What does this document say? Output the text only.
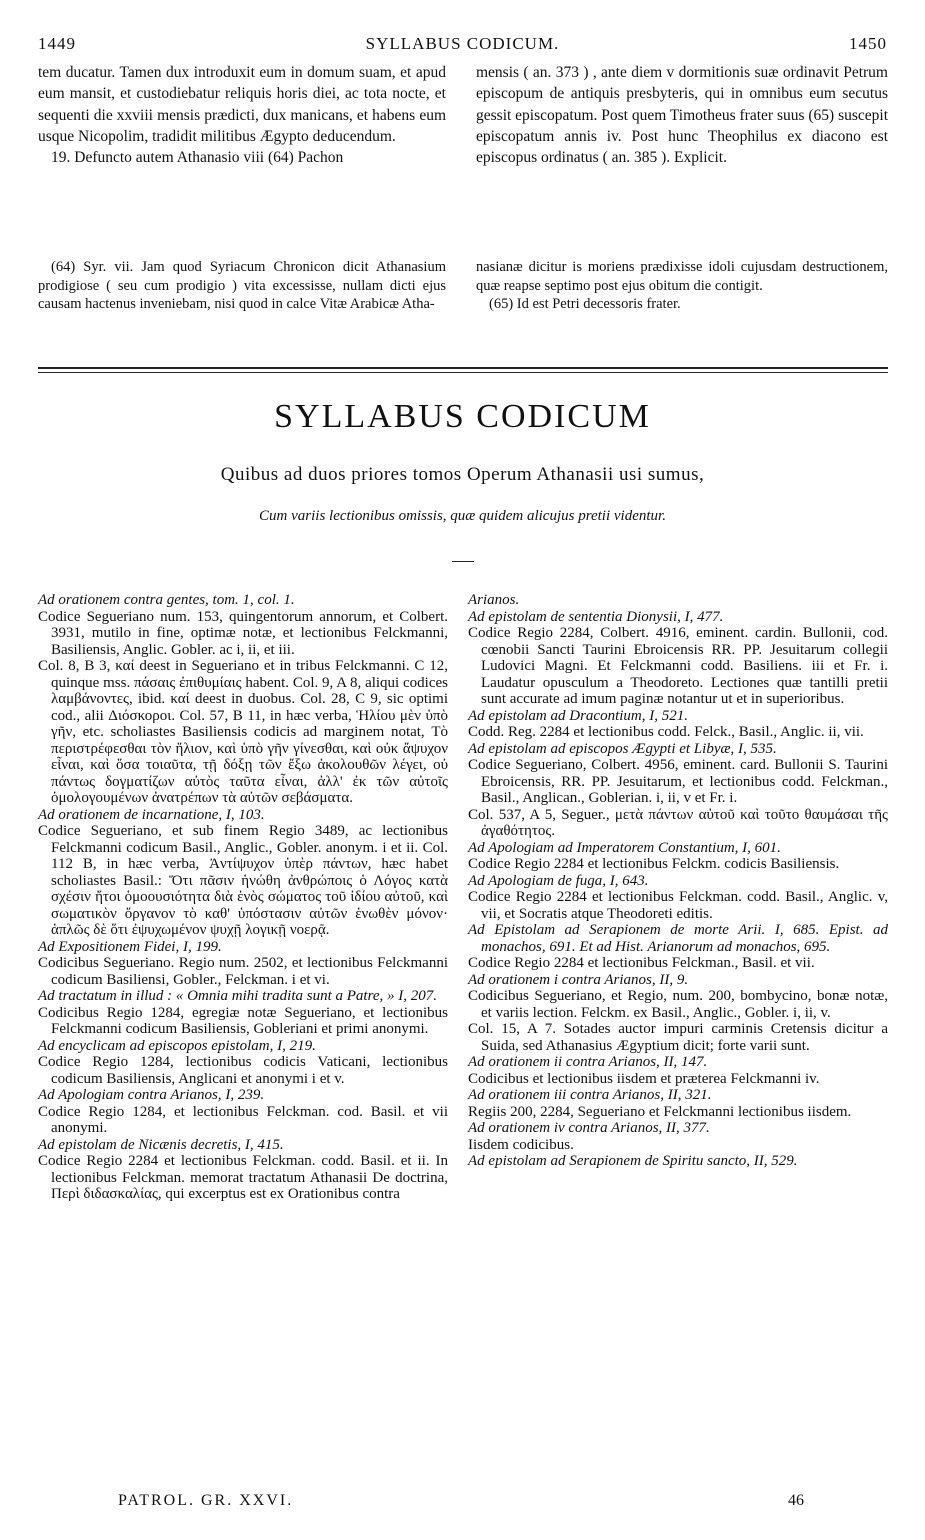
1449	SYLLABUS CODICUM.	1450

tem ducatur. Tamen dux introduxit eum in domum suam, et apud eum mansit, et custodiebatur reliquis horis diei, ac tota nocte, et sequenti die xxviii mensis prædicti, dux manicans, et habens eum usque Nicopolim, tradidit militibus Ægypto deducendum.

19. Defuncto autem Athanasio viii (64) Pachon

mensis ( an. 373 ) , ante diem v dormitionis suæ ordinavit Petrum episcopum de antiquis presbyteris, qui in omnibus eum secutus gessit episcopatum. Post quem Timotheus frater suus (65) suscepit episcopatum annis iv. Post hunc Theophilus ex diacono est episcopus ordinatus ( an. 385 ). Explicit.

(64) Syr. vii. Jam quod Syriacum Chronicon dicit Athanasium prodigiose ( seu cum prodigio ) vita excessisse, nullam dicti ejus causam hactenus inveniebam, nisi quod in calce Vitæ Arabicæ Atha-

nasianæ dicitur is moriens prædixisse idoli cujusdam destructionem, quæ reapse septimo post ejus obitum die contigit.

(65) Id est Petri decessoris frater.

SYLLABUS CODICUM
Quibus ad duos priores tomos Operum Athanasii usi sumus,
Cum variis lectionibus omissis, quæ quidem alicujus pretii videntur.

Ad orationem contra gentes, tom. 1, col. 1.

Codice Segueriano num. 153, quingentorum annorum, et Colbert. 3931, mutilo in fine, optimæ notæ, et lectionibus Felckmanni, Basiliensis, Anglic. Gobler. ac i, ii, et iii.

Col. 8, B 3, καί deest in Segueriano et in tribus Felckmanni. C 12, quinque mss. πάσαις ἐπιθυμίαις habent. Col. 9, A 8, aliqui codices λαμβάνοντες, ibid. καί deest in duobus. Col. 28, C 9, sic optimi cod., alii Διόσκοροι. Col. 57, B 11, in hæc verba, Ἡλίου μὲν ὑπὸ γῆν, etc. scholiastes Basiliensis codicis ad marginem notat, Τὸ περιστρέφεσθαι τὸν ἥλιον, καὶ ὑπὸ γῆν γίνεσθαι, καὶ οὐκ ἄψυχον εἶναι, καὶ ὅσα τοιαῦτα, τῇ δόξῃ τῶν ἔξω ἀκολουθῶν λέγει, οὐ πάντως δογματίζων αὐτὸς ταῦτα εἶναι, ἀλλ' ἐκ τῶν αὐτοῖς ὁμολογουμένων ἀνατρέπων τὰ αὐτῶν σεβάσματα.

Ad orationem de incarnatione, I, 103.

Codice Segueriano, et sub finem Regio 3489, ac lectionibus Felckmanni codicum Basil., Anglic., Gobler. anonym. i et ii. Col. 112 B, in hæc verba, Ἀντίψυχον ὑπὲρ πάντων, hæc habet scholiastes Basil.: Ὅτι πᾶσιν ἡνώθη ἀνθρώποις ὁ Λόγος κατὰ σχέσιν ἤτοι ὁμοουσιότητα διὰ ἑνὸς σώματος τοῦ ἰδίου αὐτοῦ, καὶ σωματικὸν ὄργανον τὸ καθ' ὑπόστασιν αὐτῶν ἑνωθὲν μόνον· ἁπλῶς δὲ ὅτι ἐψυχωμένον ψυχῇ λογικῇ νοερᾷ.

Ad Expositionem Fidei, I, 199.

Codicibus Segueriano. Regio num. 2502, et lectionibus Felckmanni codicum Basiliensi, Gobler., Felckman. i et vi.

Ad tractatum in illud : « Omnia mihi tradita sunt a Patre, » I, 207.

Codicibus Regio 1284, egregiæ notæ Segueriano, et lectionibus Felckmanni codicum Basiliensis, Gobleriani et primi anonymi.

Ad encyclicam ad episcopos epistolam, I, 219.

Codice Regio 1284, lectionibus codicis Vaticani, lectionibus codicum Basiliensis, Anglicani et anonymi i et v.

Ad Apologiam contra Arianos, I, 239.

Codice Regio 1284, et lectionibus Felckman. cod. Basil. et vii anonymi.

Ad epistolam de Nicænis decretis, I, 415.

Codice Regio 2284 et lectionibus Felckman. codd. Basil. et ii. In lectionibus Felckman. memorat tractatum Athanasii De doctrina, Περὶ διδασκαλίας, qui excerptus est ex Orationibus contra

Arianos.

Ad epistolam de sententia Dionysii, I, 477.

Codice Regio 2284, Colbert. 4916, eminent. cardin. Bullonii, cod. cœnobii Sancti Taurini Ebroicensis RR. PP. Jesuitarum collegii Ludovici Magni. Et Felckmanni codd. Basiliens. iii et Fr. i. Laudatur opusculum a Theodoreto. Lectiones quæ tantilli pretii sunt accurate ad imum paginæ notantur ut et in superioribus.

Ad epistolam ad Dracontium, I, 521.

Codd. Reg. 2284 et lectionibus codd. Felck., Basil., Anglic. ii, vii.

Ad epistolam ad episcopos Ægypti et Libyæ, I, 535.

Codice Segueriano, Colbert. 4956, eminent. card. Bullonii S. Taurini Ebroicensis, RR. PP. Jesuitarum, et lectionibus codd. Felckman., Basil., Anglican., Goblerian. i, ii, v et Fr. i.

Col. 537, A 5, Seguer., μετὰ πάντων αὐτοῦ καὶ τοῦτο θαυμάσαι τῆς ἀγαθότητος.

Ad Apologiam ad Imperatorem Constantium, I, 601.

Codice Regio 2284 et lectionibus Felckm. codicis Basiliensis.

Ad Apologiam de fuga, I, 643.

Codice Regio 2284 et lectionibus Felckman. codd. Basil., Anglic. v, vii, et Socratis atque Theodoreti editis.

Ad Epistolam ad Serapionem de morte Arii. I, 685. Epist. ad monachos, 691. Et ad Hist. Arianorum ad monachos, 695.

Codice Regio 2284 et lectionibus Felckman., Basil. et vii.

Ad orationem i contra Arianos, II, 9.

Codicibus Segueriano, et Regio, num. 200, bombycino, bonæ notæ, et variis lection. Felckm. ex Basil., Anglic., Gobler. i, ii, v.

Col. 15, A 7. Sotades auctor impuri carminis Cretensis dicitur a Suida, sed Athanasius Ægyptium dicit; forte varii sunt.

Ad orationem ii contra Arianos, II, 147.

Codicibus et lectionibus iisdem et præterea Felckmanni iv.

Ad orationem iii contra Arianos, II, 321.

Regiis 200, 2284, Segueriano et Felckmanni lectionibus iisdem.

Ad orationem iv contra Arianos, II, 377.

Iisdem codicibus.

Ad epistolam ad Serapionem de Spiritu sancto, II, 529.

PATROL. GR. XXVI.	46
